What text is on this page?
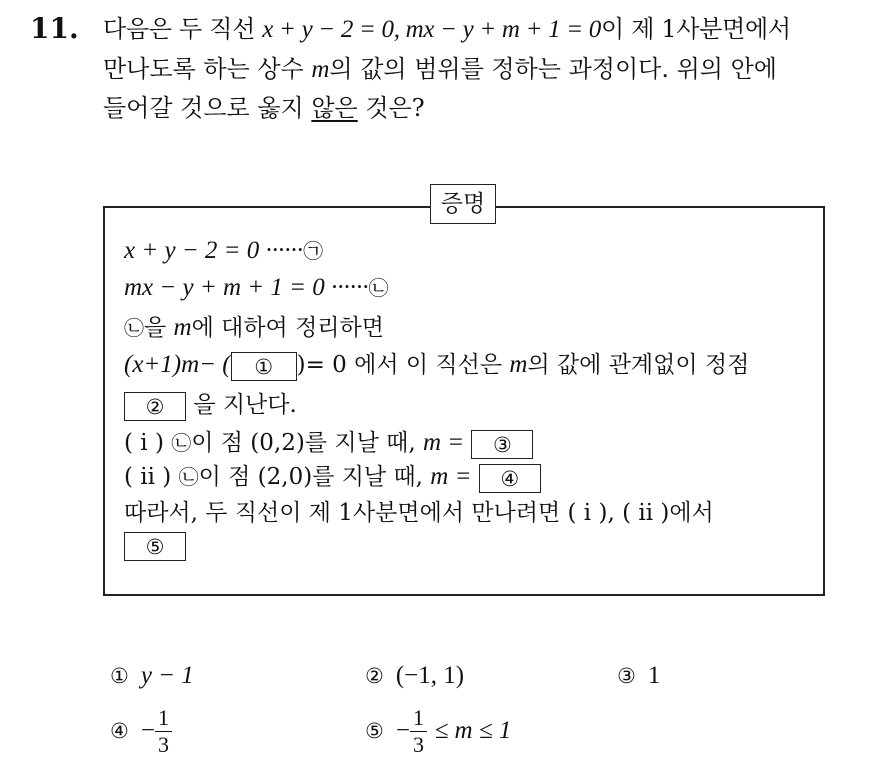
11. 다음은 두 직선 x + y − 2 = 0, mx − y + m + 1 = 0이 제 1사분면에서
만나도록 하는 상수 m의 값의 범위를 정하는 과정이다. 위의 안에
들어갈 것으로 옳지 않은 것은?
증명
x + y − 2 = 0 ······㉠
mx − y + m + 1 = 0 ······㉡
㉡을 m에 대하여 정리하면
(x+1)m− ( ① )= 0 에서 이 직선은 m의 값에 관계없이 정점
② 을 지난다.
( i ) ㉡이 점 (0,2)를 지날 때, m = ③
( ii ) ㉡이 점 (2,0)를 지날 때, m = ④
따라서, 두 직선이 제 1사분면에서 만나려면 ( i ), ( ii )에서
⑤
① y − 1	② (−1, 1)	③ 1
④ − $\frac{1}{3}$	⑤ − $\frac{1}{3} \le m \le 1$
